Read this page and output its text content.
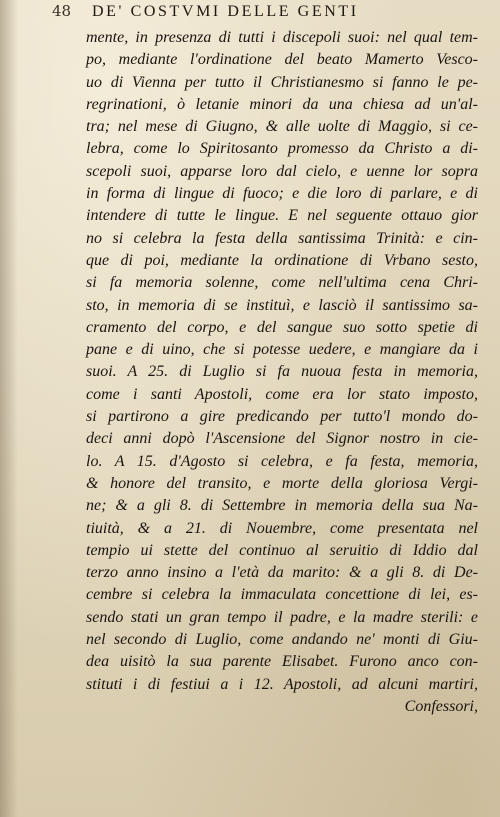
48 DE' COSTVMI DELLE GENTI
mente, in presenza di tutti i discepoli suoi: nel qual tem-
po, mediante l'ordinatione del beato Mamerto Vesco-
uo di Vienna per tutto il Christianesmo si fanno le pe-
regrinationi, ò letanie minori da una chiesa ad un'al-
tra; nel mese di Giugno, & alle uolte di Maggio, si ce-
lebra, come lo Spiritosanto promesso da Christo a di-
scepoli suoi, apparse loro dal cielo, e uenne lor sopra
in forma di lingue di fuoco; e die loro di parlare, e di
intendere di tutte le lingue. E nel seguente ottauo gior
no si celebra la festa della santissima Trinità: e cin-
que di poi, mediante la ordinatione di Vrbano sesto,
si fa memoria solenne, come nell'ultima cena Chri-
sto, in memoria di se instituì, e lasciò il santissimo sa-
cramento del corpo, e del sangue suo sotto spetie di
pane e di uino, che si potesse uedere, e mangiare da i
suoi. A 25. di Luglio si fa nuoua festa in memoria,
come i santi Apostoli, come era lor stato imposto,
si partirono a gire predicando per tutto'l mondo do-
deci anni dopò l'Ascensione del Signor nostro in cie-
lo. A 15. d'Agosto si celebra, e fa festa, memoria,
& honore del transito, e morte della gloriosa Vergi-
ne; & a gli 8. di Settembre in memoria della sua Na-
tiuità, & a 21. di Nouembre, come presentata nel
tempio ui stette del continuo al seruitio di Iddio dal
terzo anno insino a l'età da marito: & a gli 8. di De-
cembre si celebra la immaculata concettione di lei, es-
sendo stati un gran tempo il padre, e la madre sterili: e
nel secondo di Luglio, come andando ne' monti di Giu-
dea uisitò la sua parente Elisabet. Furono anco con-
stituti i di festiui a i 12. Apostoli, ad alcuni martiri,
Confessori,
